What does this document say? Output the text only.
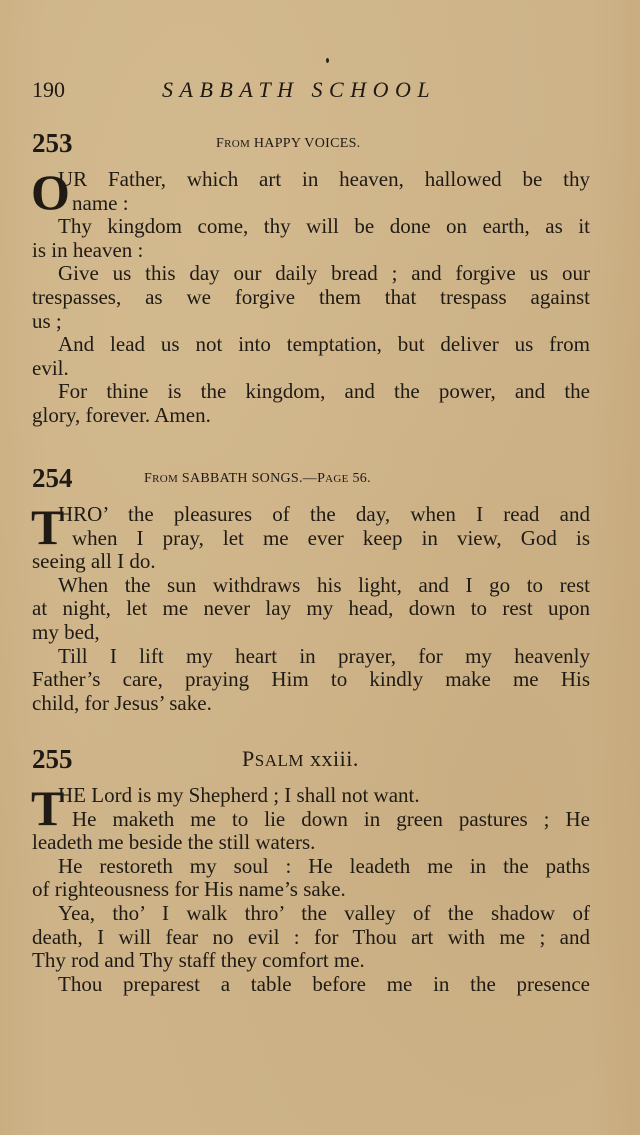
190	SABBATH SCHOOL
253	FROM HAPPY VOICES.
O
UR Father, which art in heaven, hallowed be thy
name :
Thy kingdom come, thy will be done on earth, as it
is in heaven :
Give us this day our daily bread ; and forgive us our
trespasses, as we forgive them that trespass against
us ;
And lead us not into temptation, but deliver us from
evil.
For thine is the kingdom, and the power, and the
glory, forever. Amen.
254	FROM SABBATH SONGS.—PAGE 56.
T
HRO’ the pleasures of the day, when I read and
when I pray, let me ever keep in view, God is
seeing all I do.
When the sun withdraws his light, and I go to rest
at night, let me never lay my head, down to rest upon
my bed,
Till I lift my heart in prayer, for my heavenly
Father’s care, praying Him to kindly make me His
child, for Jesus’ sake.
255	PSALM xxiii.
T
HE Lord is my Shepherd ; I shall not want.
He maketh me to lie down in green pastures ; He
leadeth me beside the still waters.
He restoreth my soul : He leadeth me in the paths
of righteousness for His name’s sake.
Yea, tho’ I walk thro’ the valley of the shadow of
death, I will fear no evil : for Thou art with me ; and
Thy rod and Thy staff they comfort me.
Thou preparest a table before me in the presence
